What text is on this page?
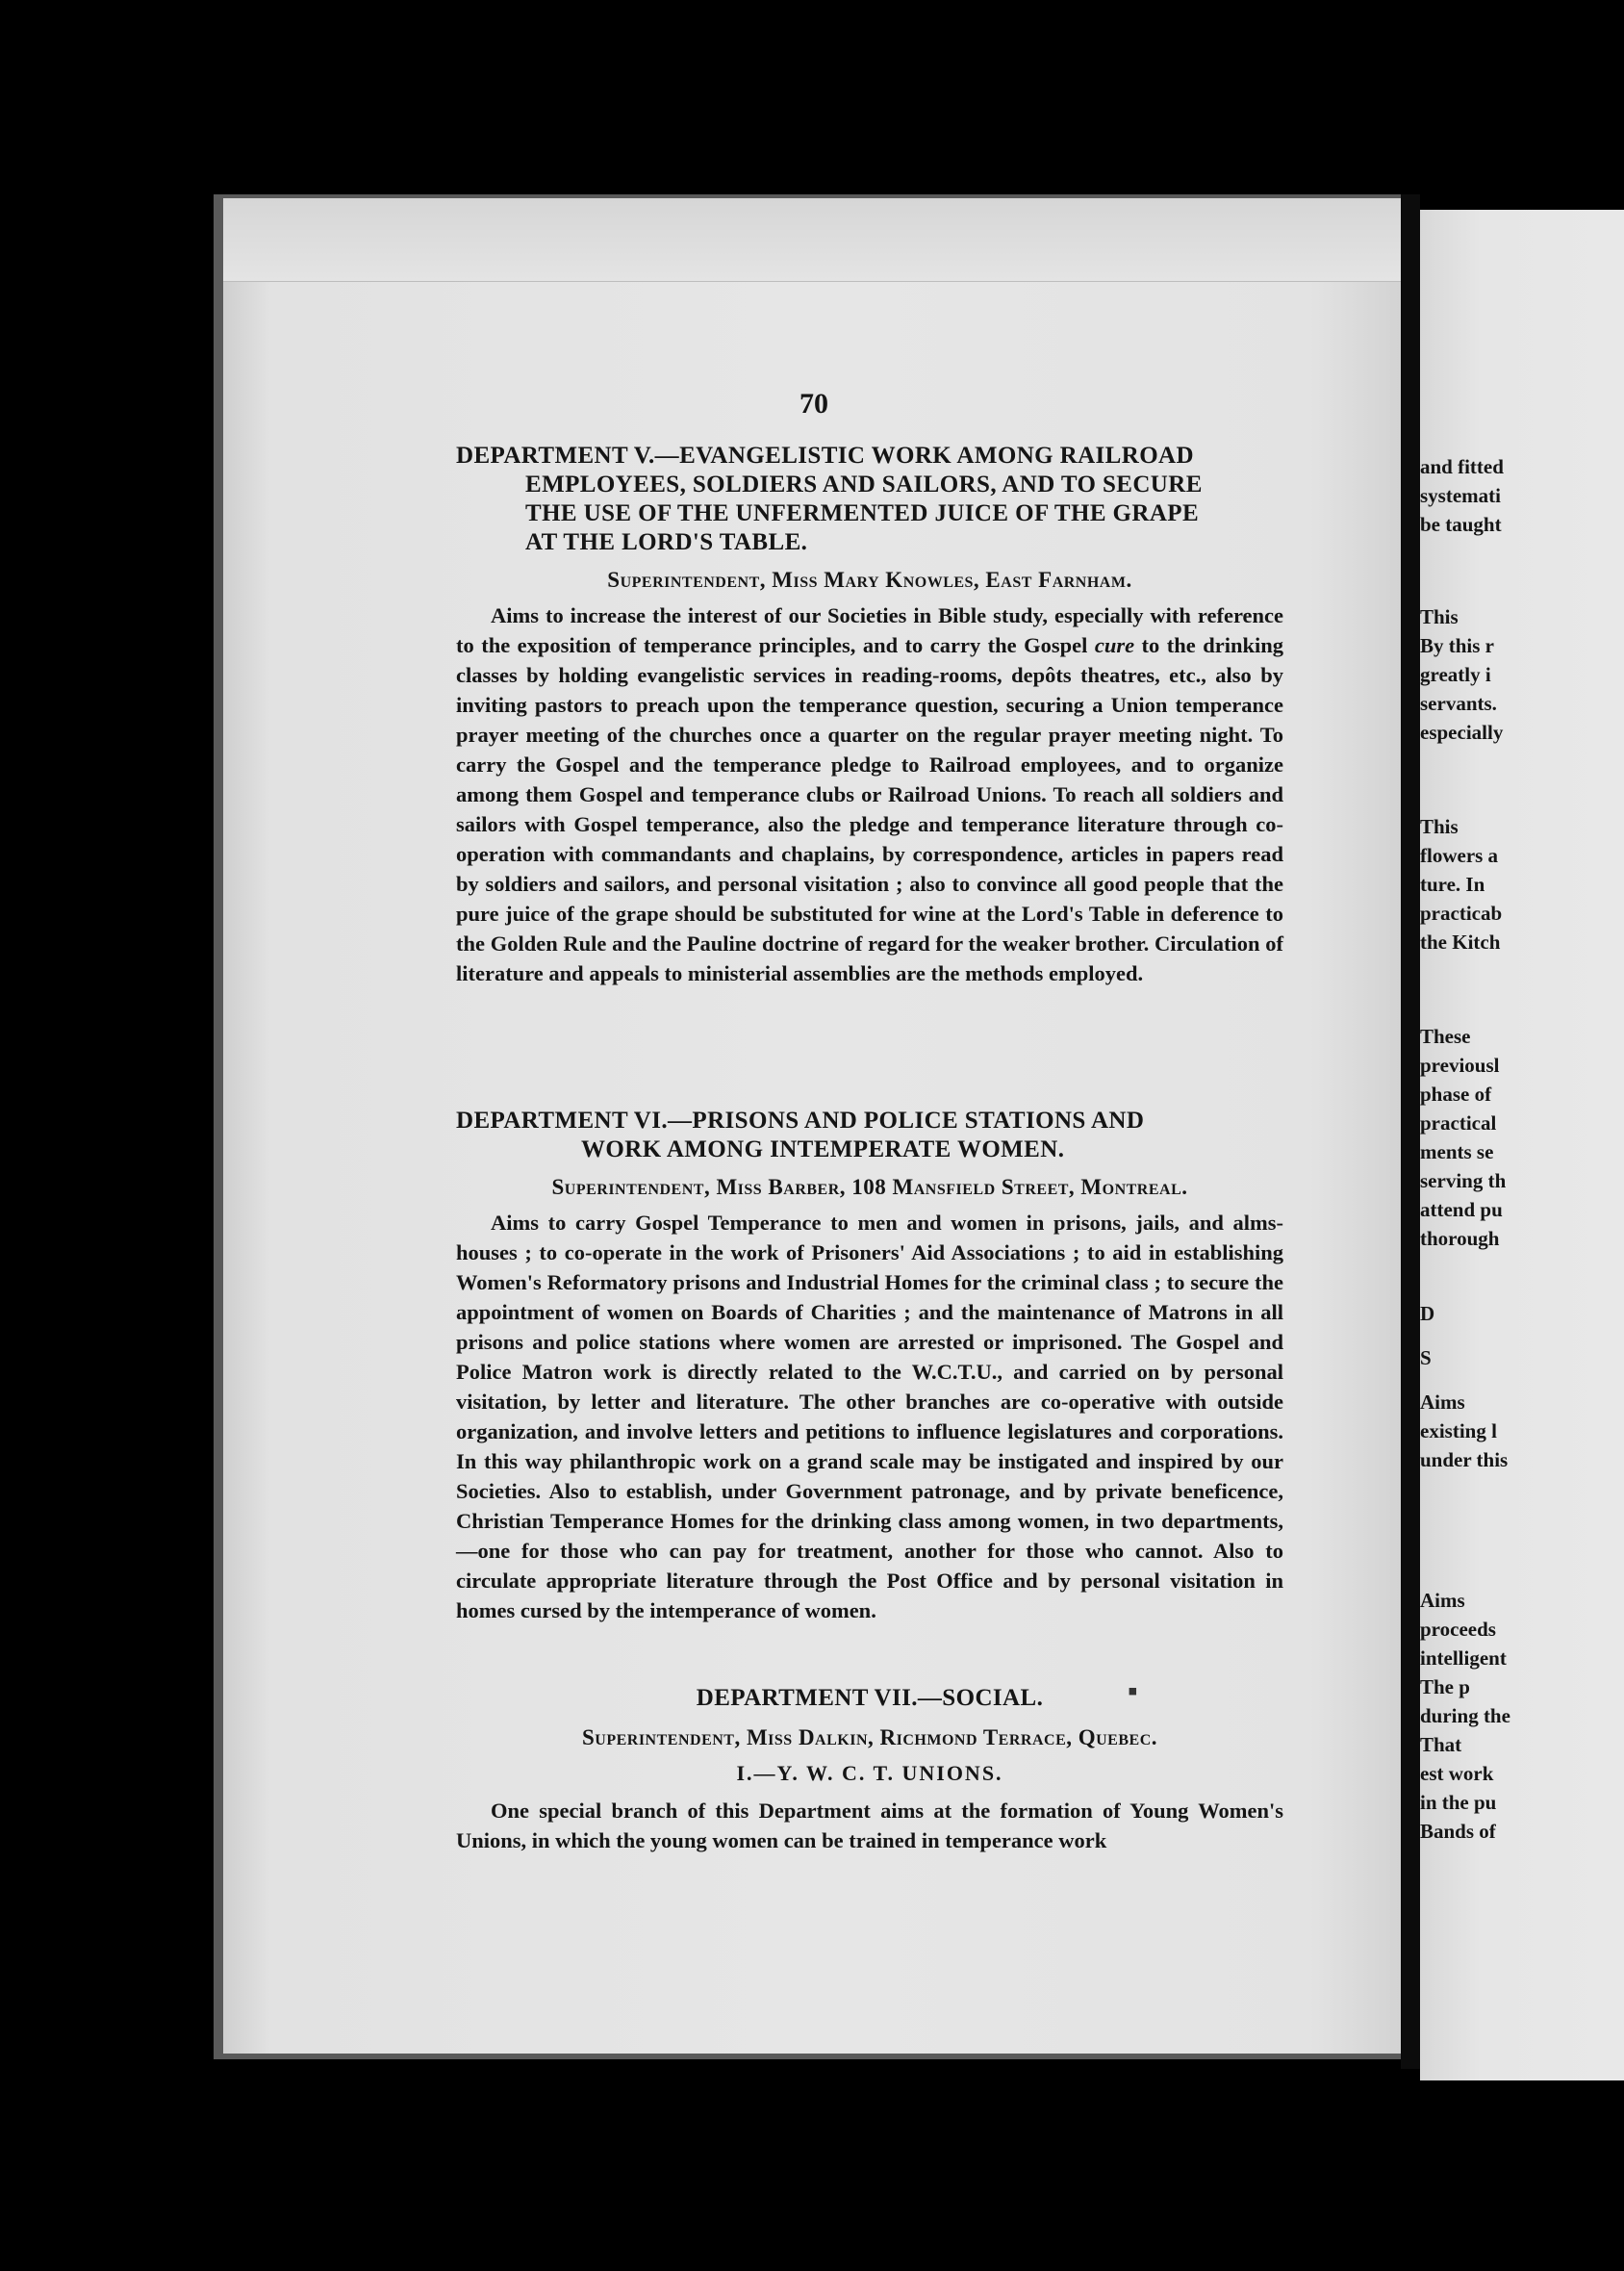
70
DEPARTMENT V.—EVANGELISTIC WORK AMONG RAILROAD
EMPLOYEES, SOLDIERS AND SAILORS, AND TO SECURE
THE USE OF THE UNFERMENTED JUICE OF THE GRAPE
AT THE LORD'S TABLE.
Superintendent, Miss Mary Knowles, East Farnham.

Aims to increase the interest of our Societies in Bible study, especially with reference to the exposition of temperance principles, and to carry the Gospel cure to the drinking classes by holding evangelistic services in reading-rooms, depôts theatres, etc., also by inviting pastors to preach upon the temperance question, securing a Union temperance prayer meeting of the churches once a quarter on the regular prayer meeting night. To carry the Gospel and the temperance pledge to Railroad employees, and to organize among them Gospel and temperance clubs or Railroad Unions. To reach all soldiers and sailors with Gospel temperance, also the pledge and temperance literature through co-operation with commandants and chaplains, by correspondence, articles in papers read by soldiers and sailors, and personal visitation ; also to convince all good people that the pure juice of the grape should be substituted for wine at the Lord's Table in deference to the Golden Rule and the Pauline doctrine of regard for the weaker brother. Circulation of literature and appeals to ministerial assemblies are the methods employed.

DEPARTMENT VI.—PRISONS AND POLICE STATIONS AND
WORK AMONG INTEMPERATE WOMEN.
Superintendent, Miss Barber, 108 Mansfield Street, Montreal.

Aims to carry Gospel Temperance to men and women in prisons, jails, and alms-houses ; to co-operate in the work of Prisoners' Aid Associations ; to aid in establishing Women's Reformatory prisons and Industrial Homes for the criminal class ; to secure the appointment of women on Boards of Charities ; and the maintenance of Matrons in all prisons and police stations where women are arrested or imprisoned. The Gospel and Police Matron work is directly related to the W.C.T.U., and carried on by personal visitation, by letter and literature. The other branches are co-operative with outside organization, and involve letters and petitions to influence legislatures and corporations. In this way philanthropic work on a grand scale may be instigated and inspired by our Societies. Also to establish, under Government patronage, and by private beneficence, Christian Temperance Homes for the drinking class among women, in two departments,—one for those who can pay for treatment, another for those who cannot. Also to circulate appropriate literature through the Post Office and by personal visitation in homes cursed by the intemperance of women.

DEPARTMENT VII.—SOCIAL.
Superintendent, Miss Dalkin, Richmond Terrace, Quebec.
I.—Y. W. C. T. UNIONS.

One special branch of this Department aims at the formation of Young Women's Unions, in which the young women can be trained in temperance work

▪
and fitted
systemati
be taught
This
By this r
greatly i
servants.
especially
This
flowers a
ture. In
practicab
the Kitch
These
previousl
phase of
practical
ments se
serving th
attend pu
thorough
D
S
Aims
existing l
under this
Aims
proceeds
intelligent
The p
during the
That
est work
in the pu
Bands of
